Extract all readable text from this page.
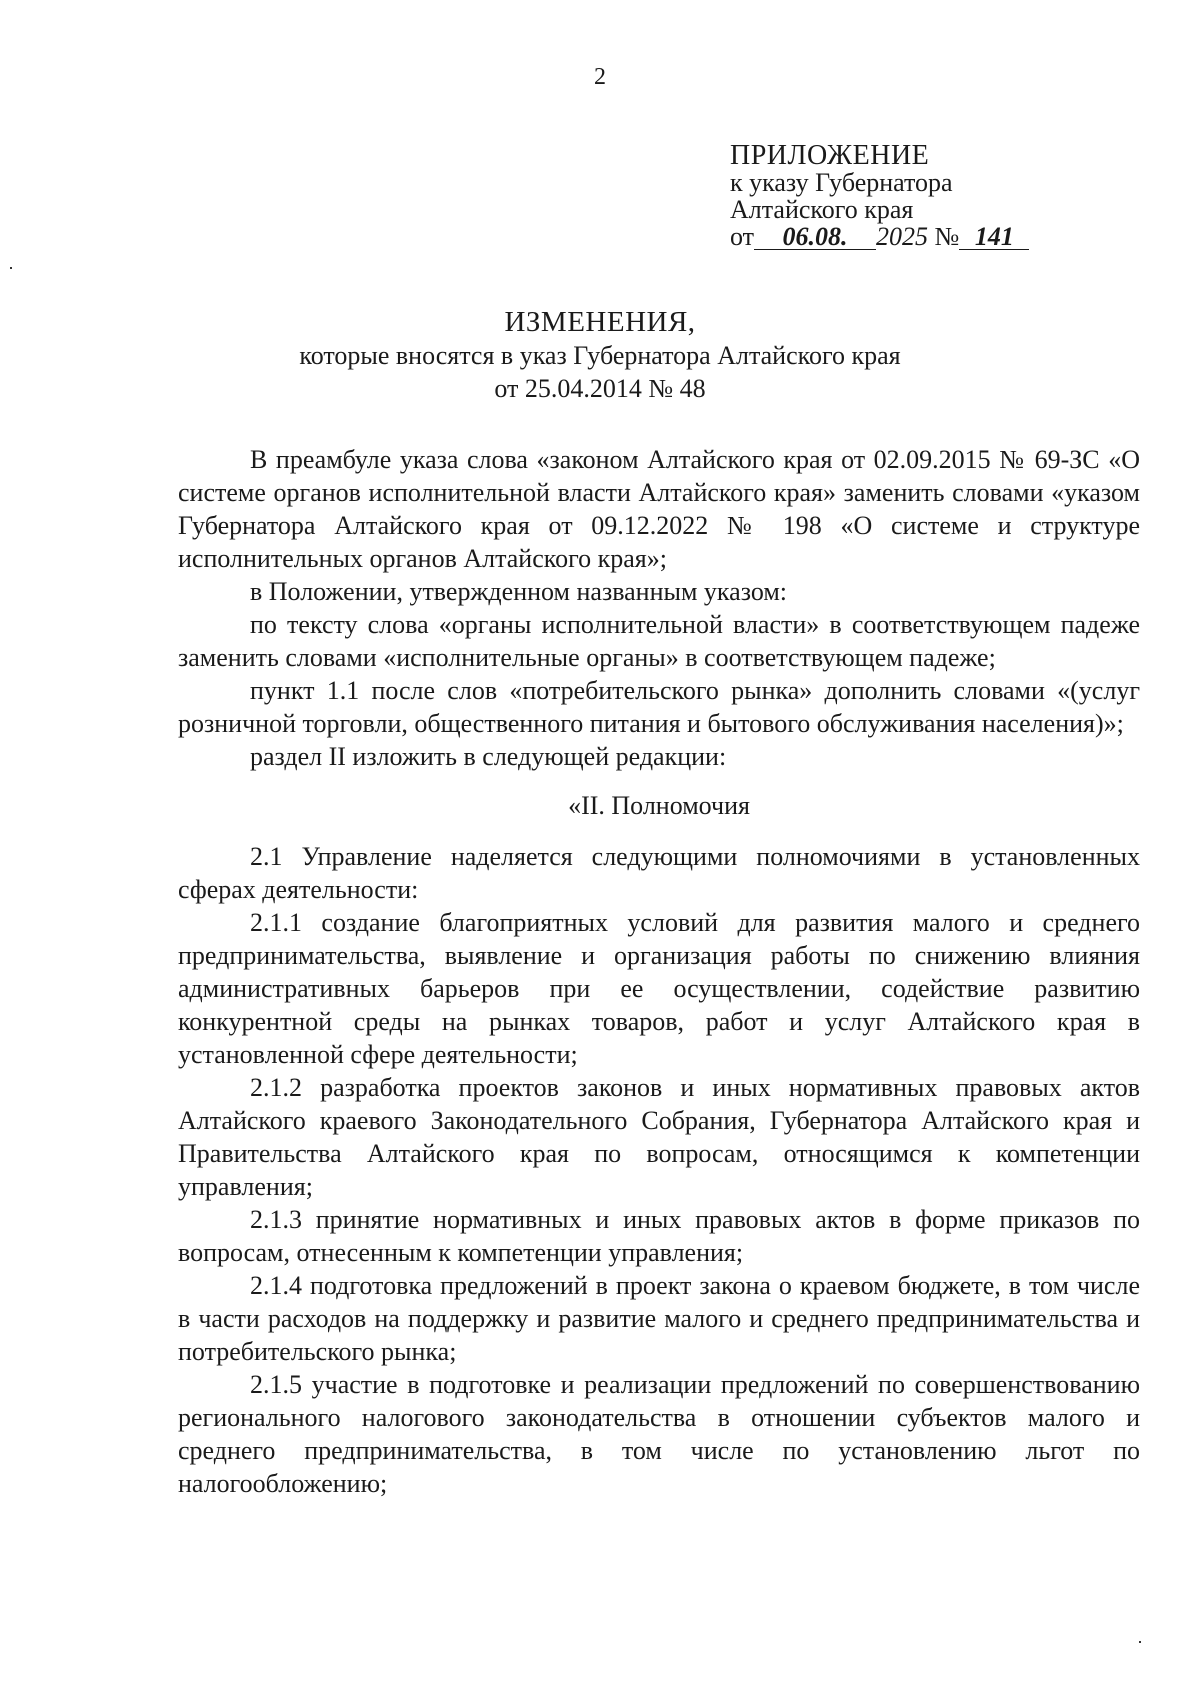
2
ПРИЛОЖЕНИЕ
к указу Губернатора
Алтайского края
от 06.08. 2025 № 141
ИЗМЕНЕНИЯ,
которые вносятся в указ Губернатора Алтайского края
от 25.04.2014 № 48

В преамбуле указа слова «законом Алтайского края от 02.09.2015 № 69-ЗС «О системе органов исполнительной власти Алтайского края» заменить словами «указом Губернатора Алтайского края от 09.12.2022 № 198 «О системе и структуре исполнительных органов Алтайского края»;

в Положении, утвержденном названным указом:

по тексту слова «органы исполнительной власти» в соответствующем падеже заменить словами «исполнительные органы» в соответствующем падеже;

пункт 1.1 после слов «потребительского рынка» дополнить словами «(услуг розничной торговли, общественного питания и бытового обслуживания населения)»;

раздел II изложить в следующей редакции:

«II. Полномочия

2.1 Управление наделяется следующими полномочиями в установленных сферах деятельности:

2.1.1 создание благоприятных условий для развития малого и среднего предпринимательства, выявление и организация работы по снижению влияния административных барьеров при ее осуществлении, содействие развитию конкурентной среды на рынках товаров, работ и услуг Алтайского края в установленной сфере деятельности;

2.1.2 разработка проектов законов и иных нормативных правовых актов Алтайского краевого Законодательного Собрания, Губернатора Алтайского края и Правительства Алтайского края по вопросам, относящимся к компетенции управления;

2.1.3 принятие нормативных и иных правовых актов в форме приказов по вопросам, отнесенным к компетенции управления;

2.1.4 подготовка предложений в проект закона о краевом бюджете, в том числе в части расходов на поддержку и развитие малого и среднего предпринимательства и потребительского рынка;

2.1.5 участие в подготовке и реализации предложений по совершенствованию регионального налогового законодательства в отношении субъектов малого и среднего предпринимательства, в том числе по установлению льгот по налогообложению;
